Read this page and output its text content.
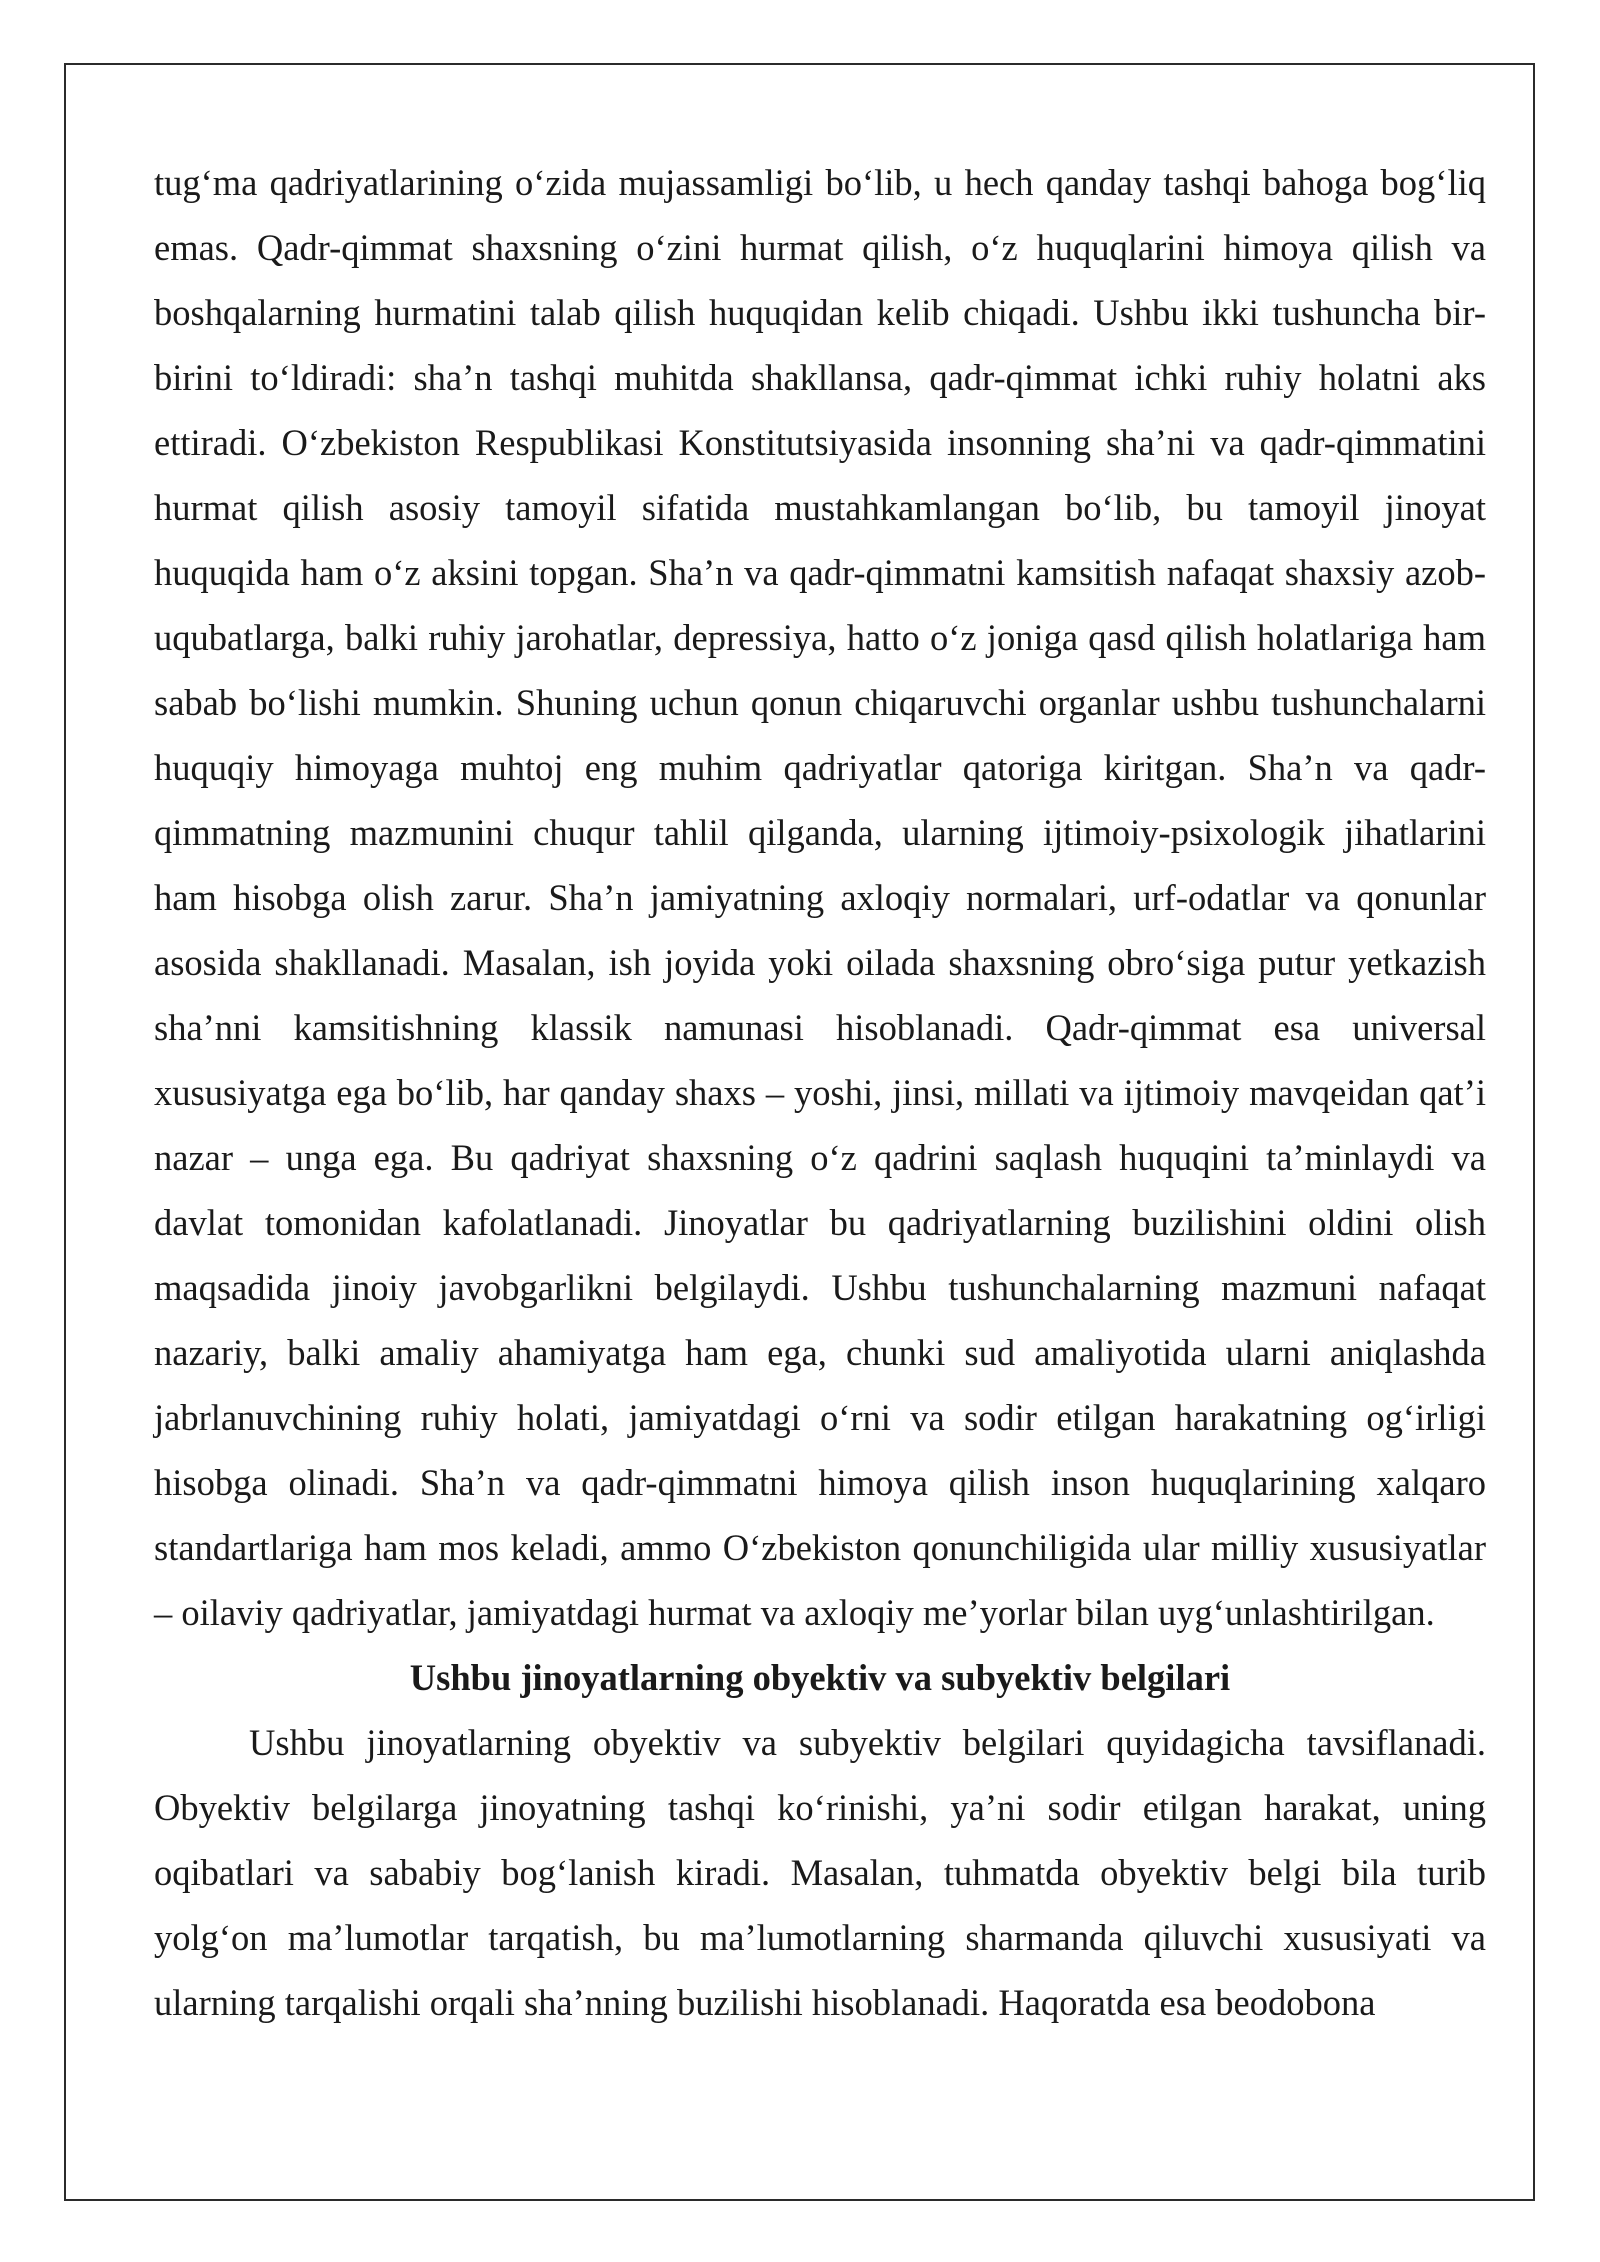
tug‘ma qadriyatlarining o‘zida mujassamligi bo‘lib, u hech qanday tashqi bahoga bog‘liq emas. Qadr-qimmat shaxsning o‘zini hurmat qilish, o‘z huquqlarini himoya qilish va boshqalarning hurmatini talab qilish huquqidan kelib chiqadi. Ushbu ikki tushuncha bir-birini to‘ldiradi: sha’n tashqi muhitda shakllansa, qadr-qimmat ichki ruhiy holatni aks ettiradi. O‘zbekiston Respublikasi Konstitutsiyasida insonning sha’ni va qadr-qimmatini hurmat qilish asosiy tamoyil sifatida mustahkamlangan bo‘lib, bu tamoyil jinoyat huquqida ham o‘z aksini topgan. Sha’n va qadr-qimmatni kamsitish nafaqat shaxsiy azob-uqubatlarga, balki ruhiy jarohatlar, depressiya, hatto o‘z joniga qasd qilish holatlariga ham sabab bo‘lishi mumkin. Shuning uchun qonun chiqaruvchi organlar ushbu tushunchalarni huquqiy himoyaga muhtoj eng muhim qadriyatlar qatoriga kiritgan. Sha’n va qadr-qimmatning mazmunini chuqur tahlil qilganda, ularning ijtimoiy-psixologik jihatlarini ham hisobga olish zarur. Sha’n jamiyatning axloqiy normalari, urf-odatlar va qonunlar asosida shakllanadi. Masalan, ish joyida yoki oilada shaxsning obro‘siga putur yetkazish sha’nni kamsitishning klassik namunasi hisoblanadi. Qadr-qimmat esa universal xususiyatga ega bo‘lib, har qanday shaxs – yoshi, jinsi, millati va ijtimoiy mavqeidan qat’i nazar – unga ega. Bu qadriyat shaxsning o‘z qadrini saqlash huquqini ta’minlaydi va davlat tomonidan kafolatlanadi. Jinoyatlar bu qadriyatlarning buzilishini oldini olish maqsadida jinoiy javobgarlikni belgilaydi. Ushbu tushunchalarning mazmuni nafaqat nazariy, balki amaliy ahamiyatga ham ega, chunki sud amaliyotida ularni aniqlashda jabrlanuvchining ruhiy holati, jamiyatdagi o‘rni va sodir etilgan harakatning og‘irligi hisobga olinadi. Sha’n va qadr-qimmatni himoya qilish inson huquqlarining xalqaro standartlariga ham mos keladi, ammo O‘zbekiston qonunchiligida ular milliy xususiyatlar – oilaviy qadriyatlar, jamiyatdagi hurmat va axloqiy me’yorlar bilan uyg‘unlashtirilgan.

Ushbu jinoyatlarning obyektiv va subyektiv belgilari

Ushbu jinoyatlarning obyektiv va subyektiv belgilari quyidagicha tavsiflanadi. Obyektiv belgilarga jinoyatning tashqi ko‘rinishi, ya’ni sodir etilgan harakat, uning oqibatlari va sababiy bog‘lanish kiradi. Masalan, tuhmatda obyektiv belgi bila turib yolg‘on ma’lumotlar tarqatish, bu ma’lumotlarning sharmanda qiluvchi xususiyati va ularning tarqalishi orqali sha’nning buzilishi hisoblanadi. Haqoratda esa beodobona
